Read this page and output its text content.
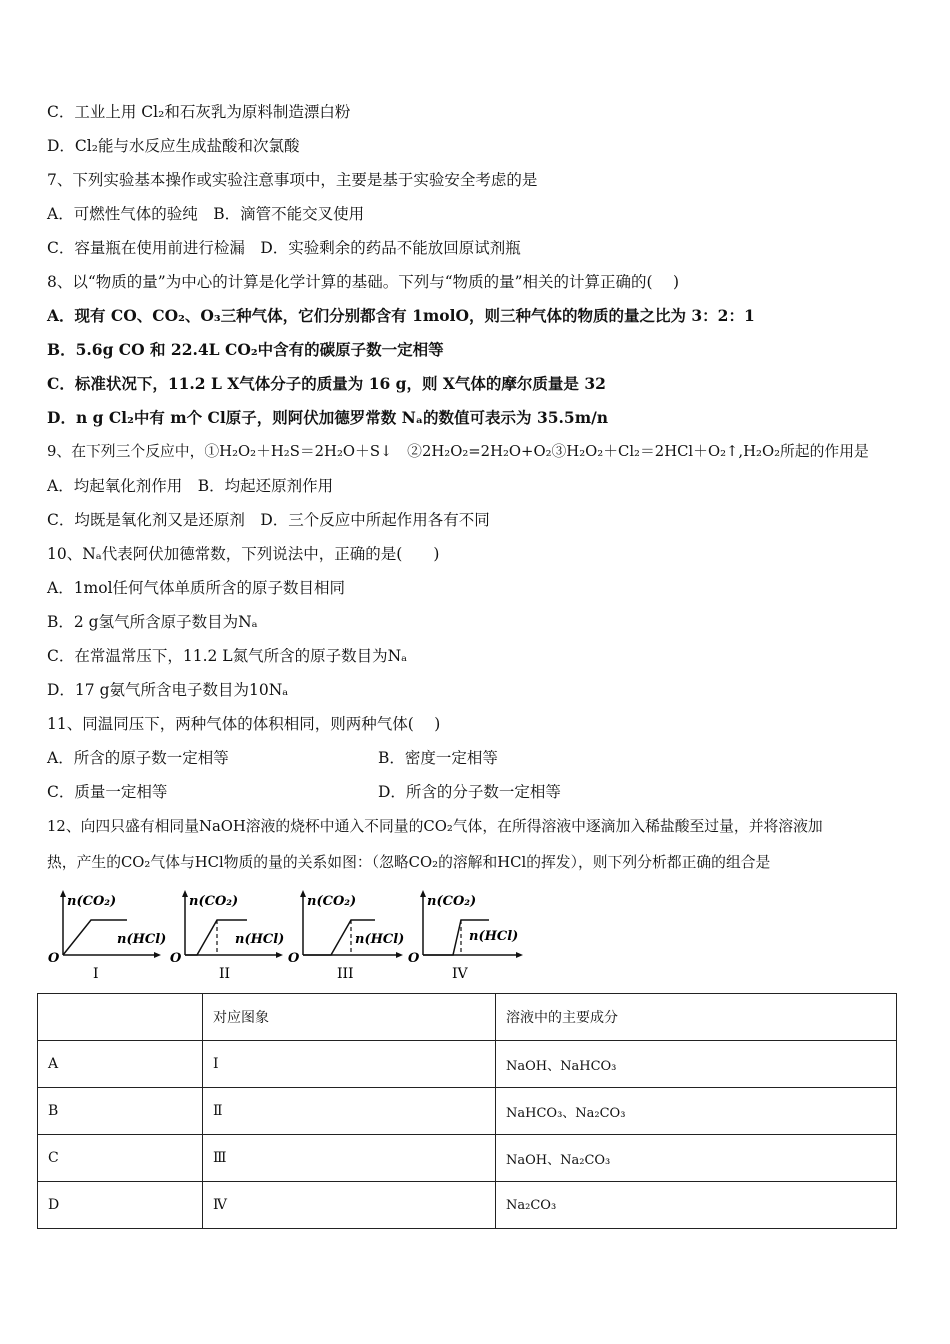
C．工业上用 Cl₂和石灰乳为原料制造漂白粉
D．Cl₂能与水反应生成盐酸和次氯酸
7、下列实验基本操作或实验注意事项中，主要是基于实验安全考虑的是
A．可燃性气体的验纯　B．滴管不能交叉使用
C．容量瓶在使用前进行检漏　D．实验剩余的药品不能放回原试剂瓶
8、以“物质的量”为中心的计算是化学计算的基础。下列与“物质的量”相关的计算正确的(　 )
A．现有 CO、CO₂、O₃三种气体，它们分别都含有 1molO，则三种气体的物质的量之比为 3：2：1
B．5.6g CO 和 22.4L CO₂中含有的碳原子数一定相等
C．标准状况下，11.2 L X气体分子的质量为 16 g，则 X气体的摩尔质量是 32
D．n g Cl₂中有 m个 Cl原子，则阿伏加德罗常数 Nₐ的数值可表示为 35.5m/n
9、在下列三个反应中，①H₂O₂＋H₂S＝2H₂O＋S↓　②2H₂O₂=2H₂O+O₂③H₂O₂＋Cl₂＝2HCl＋O₂↑,H₂O₂所起的作用是
A．均起氧化剂作用　B．均起还原剂作用
C．均既是氧化剂又是还原剂　D．三个反应中所起作用各有不同
10、Nₐ代表阿伏加德常数，下列说法中，正确的是(　　)
A．1mol任何气体单质所含的原子数目相同
B．2 g氢气所含原子数目为Nₐ
C．在常温常压下，11.2 L氮气所含的原子数目为Nₐ
D．17 g氨气所含电子数目为10Nₐ
11、同温同压下，两种气体的体积相同，则两种气体(　 )
A．所含的原子数一定相等	B．密度一定相等
C．质量一定相等	D．所含的分子数一定相等
12、向四只盛有相同量NaOH溶液的烧杯中通入不同量的CO₂气体，在所得溶液中逐滴加入稀盐酸至过量，并将溶液加
热，产生的CO₂气体与HCl物质的量的关系如图：（忽略CO₂的溶解和HCl的挥发），则下列分析都正确的组合是
n(CO₂)
n(HCl)
O
I
n(CO₂)
n(HCl)
O
II
n(CO₂)
n(HCl)
O
III
n(CO₂)
n(HCl)
O
IV
	对应图象	溶液中的主要成分
A	Ⅰ	NaOH、NaHCO₃
B	Ⅱ	NaHCO₃、Na₂CO₃
C	Ⅲ	NaOH、Na₂CO₃
D	Ⅳ	Na₂CO₃
